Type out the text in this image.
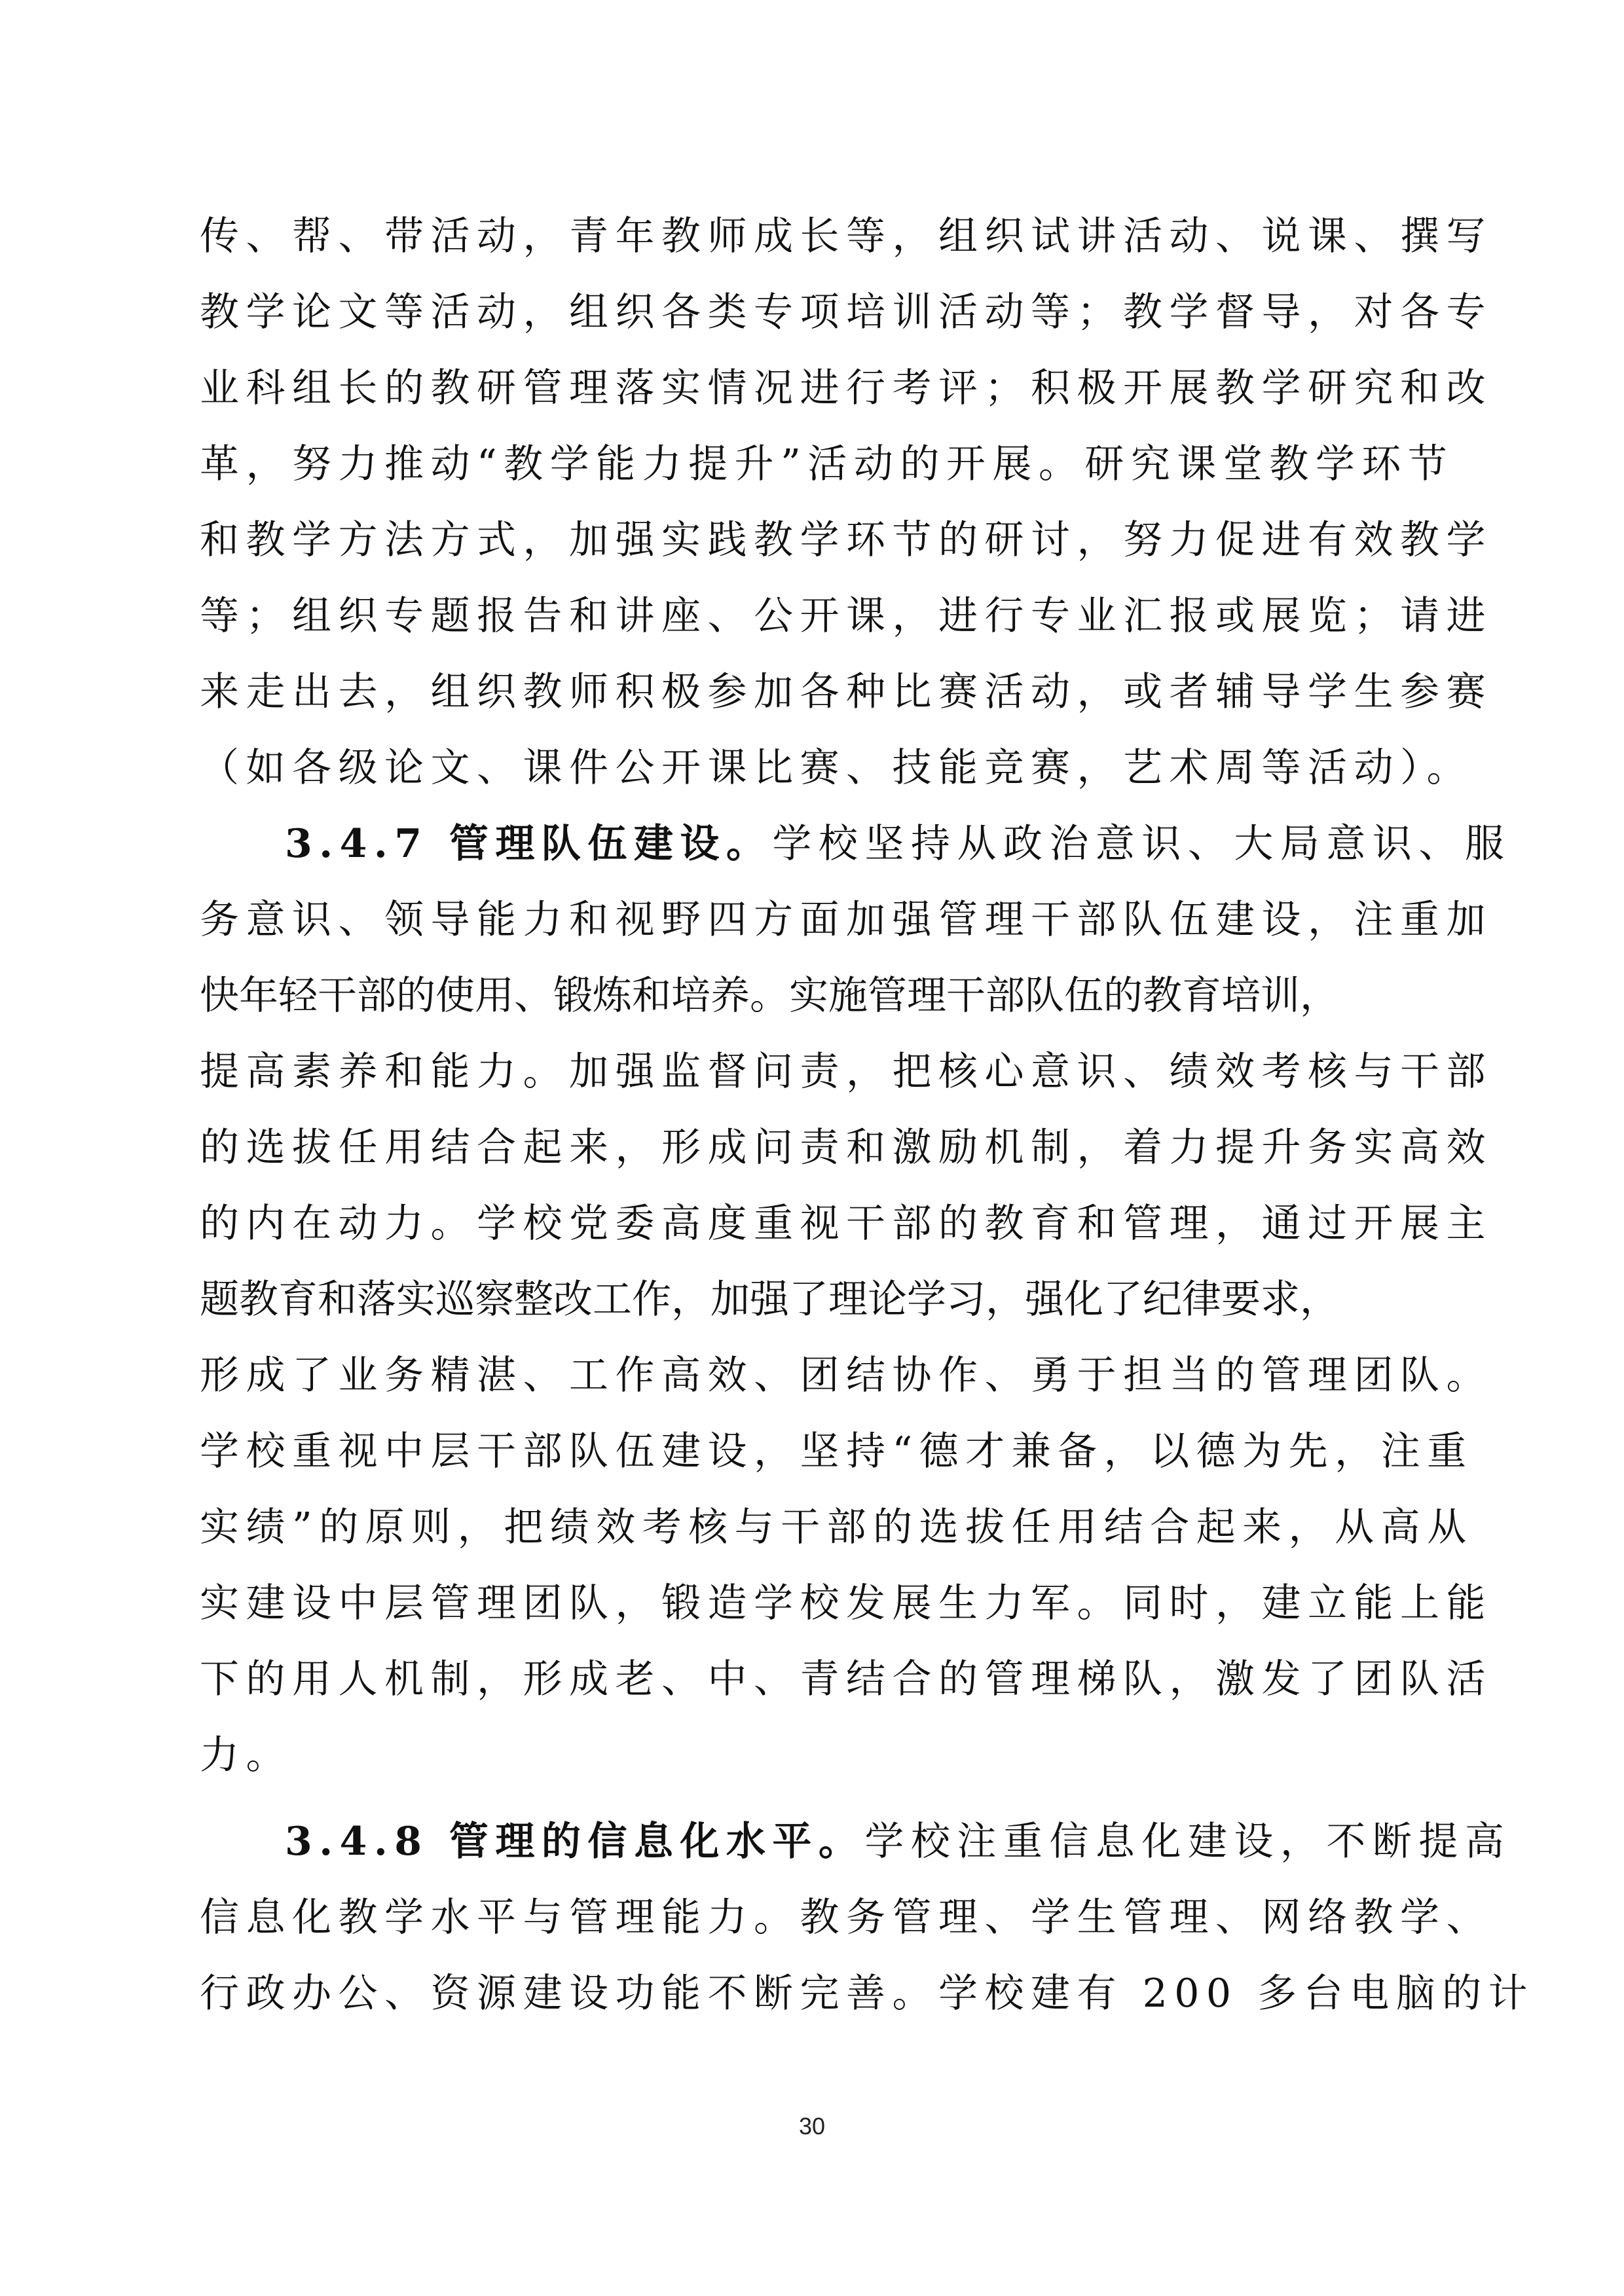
传、帮、带活动，青年教师成长等，组织试讲活动、说课、撰写
教学论文等活动，组织各类专项培训活动等；教学督导，对各专
业科组长的教研管理落实情况进行考评；积极开展教学研究和改
革，努力推动“教学能力提升”活动的开展。研究课堂教学环节
和教学方法方式，加强实践教学环节的研讨，努力促进有效教学
等；组织专题报告和讲座、公开课，进行专业汇报或展览；请进
来走出去，组织教师积极参加各种比赛活动，或者辅导学生参赛
（如各级论文、课件公开课比赛、技能竞赛，艺术周等活动）。
3.4.7 管理队伍建设。学校坚持从政治意识、大局意识、服
务意识、领导能力和视野四方面加强管理干部队伍建设，注重加
快年轻干部的使用、锻炼和培养。实施管理干部队伍的教育培训，
提高素养和能力。加强监督问责，把核心意识、绩效考核与干部
的选拔任用结合起来，形成问责和激励机制，着力提升务实高效
的内在动力。学校党委高度重视干部的教育和管理，通过开展主
题教育和落实巡察整改工作，加强了理论学习，强化了纪律要求，
形成了业务精湛、工作高效、团结协作、勇于担当的管理团队。
学校重视中层干部队伍建设，坚持“德才兼备，以德为先，注重
实绩”的原则，把绩效考核与干部的选拔任用结合起来，从高从
实建设中层管理团队，锻造学校发展生力军。同时，建立能上能
下的用人机制，形成老、中、青结合的管理梯队，激发了团队活
力。
3.4.8 管理的信息化水平。学校注重信息化建设，不断提高
信息化教学水平与管理能力。教务管理、学生管理、网络教学、
行政办公、资源建设功能不断完善。学校建有 200 多台电脑的计
30
